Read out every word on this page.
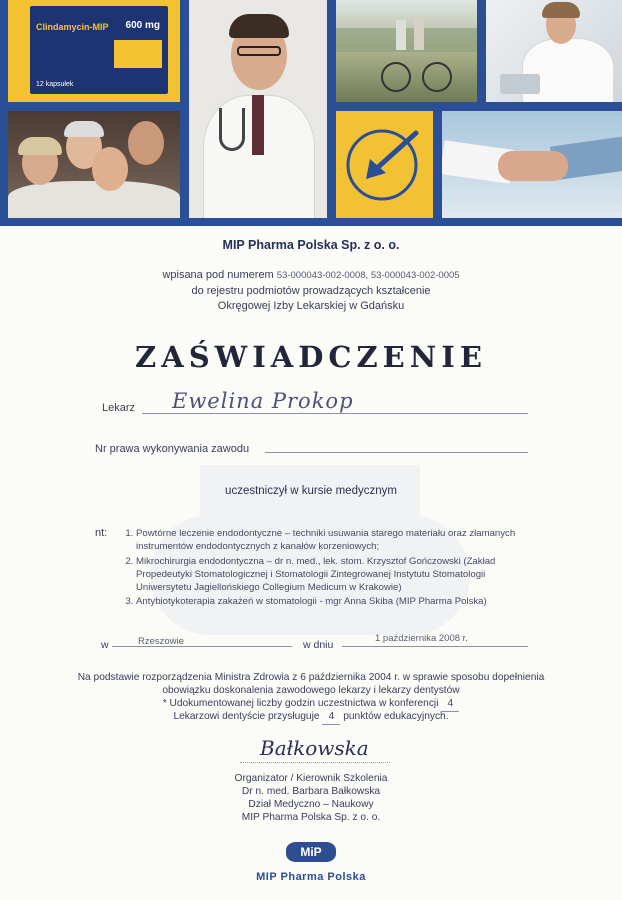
Clindamycin-MIP 600 mg
12 kapsułek
MIP Pharma Polska Sp. z o. o.
wpisana pod numerem 53-000043-002-0008, 53-000043-002-0005
do rejestru podmiotów prowadzących kształcenie
Okręgowej Izby Lekarskiej w Gdańsku
ZAŚWIADCZENIE
Lekarz Ewelina Prokop
Nr prawa wykonywania zawodu
uczestniczył w kursie medycznym
nt:
1.	Powtórne leczenie endodontyczne – techniki usuwania starego materiału oraz złamanych instrumentów endodontycznych z kanałów korzeniowych;
2. Mikrochirurgia endodontyczna – dr n. med., lek. stom. Krzysztof Gończowski (Zakład Propedeutyki Stomatologicznej i Stomatologii Zintegrowanej Instytutu Stomatologii Uniwersytetu Jagiellońskiego Collegium Medicum w Krakowie)
3. Antybiotykoterapia zakażeń w stomatologii - mgr Anna Skiba (MIP Pharma Polska)
w	Rzeszowie	w dniu
1 października 2008 r.
Na podstawie rozporządzenia Ministra Zdrowia z 6 października 2004 r. w sprawie sposobu dopełnienia
obowiązku doskonalenia zawodowego lekarzy i lekarzy dentystów
* Udokumentowanej liczby godzin uczestnictwa w konferencji 4
Lekarzowi dentyście przysługuje 4 punktów edukacyjnych.
Bałkowska
Organizator / Kierownik Szkolenia
Dr n. med. Barbara Bałkowska
Dział Medyczno – Naukowy
MIP Pharma Polska Sp. z o. o.
MiP
MIP Pharma Polska
